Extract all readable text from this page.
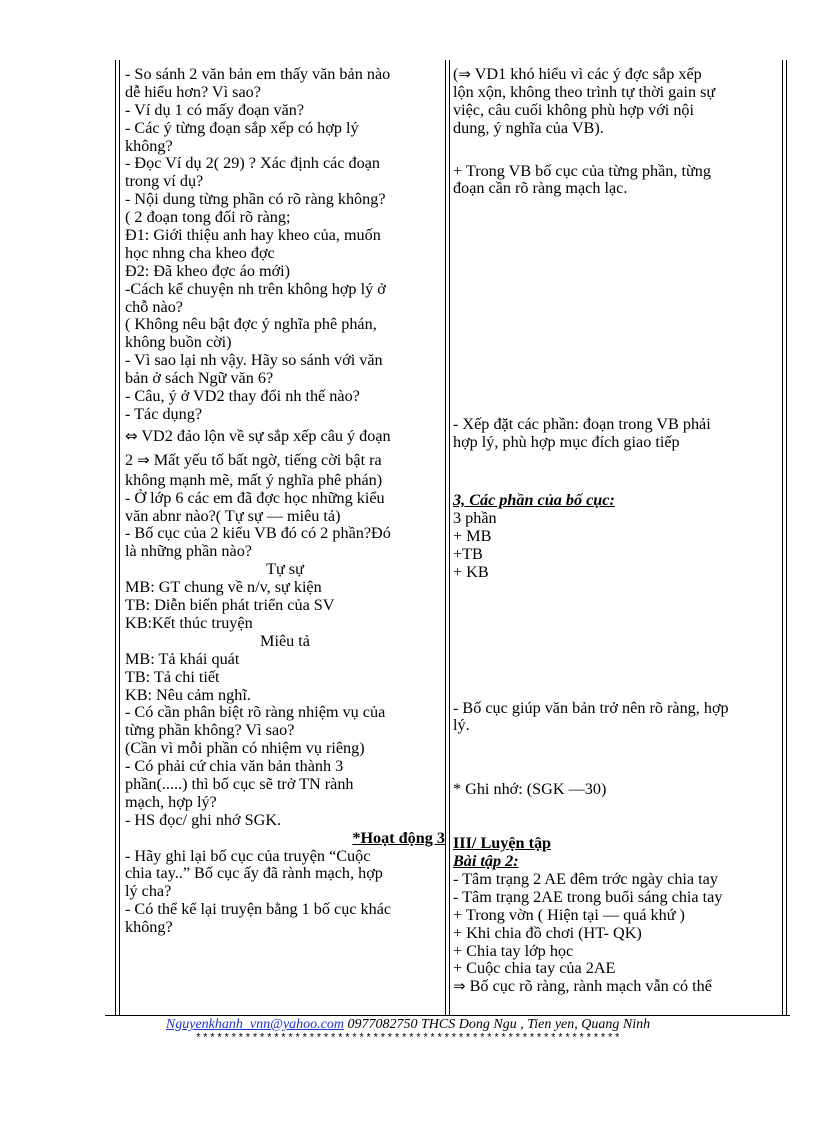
- So sánh 2 văn bản em thấy văn bản nào
dễ hiểu hơn? Vì sao?
- Ví dụ 1 có mấy đoạn văn?
- Các ý từng đoạn sắp xếp có hợp lý
không?
- Đọc Ví dụ 2( 29) ? Xác định các đoạn
trong ví dụ?
- Nội dung từng phần có rõ ràng không?
( 2 đoạn tong đối rõ ràng;
Đ1: Giới thiệu anh hay kheo của, muốn
học nhng cha kheo đợc
Đ2: Đã kheo đợc áo mới)
-Cách kể chuyện nh trên không hợp lý ở
chỗ nào?
( Không nêu bật đợc ý nghĩa phê phán,
không buồn cời)
- Vì sao lại nh vậy. Hãy so sánh với văn
bản ở sách Ngữ văn 6?
- Câu, ý ở VD2 thay đổi nh thế nào?
- Tác dụng?
⇔ VD2 đảo lộn về sự sắp xếp câu ý đoạn
2 ⇒ Mất yếu tố bất ngờ, tiếng cời bật ra
không mạnh mẽ, mất ý nghĩa phê phán)
- Ở lớp 6 các em đã đợc học những kiểu
văn abnr nào?( Tự sự — miêu tả)
- Bố cục của 2 kiểu VB đó có 2 phần?Đó
là những phần nào?
Tự sự
MB: GT chung về n/v, sự kiện
TB: Diễn biến phát triển của SV
KB:Kết thúc truyện
Miêu tả
MB: Tả khái quát
TB: Tả chi tiết
KB: Nêu cảm nghĩ.
- Có cần phân biệt rõ ràng nhiệm vụ của
từng phần không? Vì sao?
(Cần vì mỗi phần có nhiệm vụ riêng)
- Có phải cứ chia văn bản thành 3
phần(.....) thì bố cục sẽ trở TN rành
mạch, hợp lý?
- HS đọc/ ghi nhớ SGK.
*Hoạt động 3
- Hãy ghi lại bố cục của truyện “Cuộc
chia tay..” Bố cục ấy đã rành mạch, hợp
lý cha?
- Có thể kể lại truyện bằng 1 bố cục khác
không?
(⇒ VD1 khó hiểu vì các ý đợc sắp xếp
lộn xộn, không theo trình tự thời gain sự
việc, câu cuối không phù hợp với nội
dung, ý nghĩa của VB).
+ Trong VB bố cục của từng phần, từng
đoạn cần rõ ràng mạch lạc.
- Xếp đặt các phần: đoạn trong VB phải
hợp lý, phù hợp mục đích giao tiếp
3, Các phần của bố cục:
3 phần
+ MB
+TB
+ KB
- Bố cục giúp văn bản trở nên rõ ràng, hợp
lý.
* Ghi nhớ: (SGK —30)
III/ Luyện tập
Bài tập 2:
- Tâm trạng 2 AE đêm trớc ngày chia tay
- Tâm trạng 2AE trong buổi sáng chia tay
+ Trong vờn ( Hiện tại — quá khứ )
+ Khi chia đồ chơi (HT- QK)
+ Chia tay lớp học
+ Cuộc chia tay của 2AE
⇒ Bố cục rõ ràng, rành mạch vẫn có thể
Nguyenkhanh_vnn@yahoo.com 0977082750 THCS Dong Ngu , Tien yen, Quang Ninh
************************************************************
